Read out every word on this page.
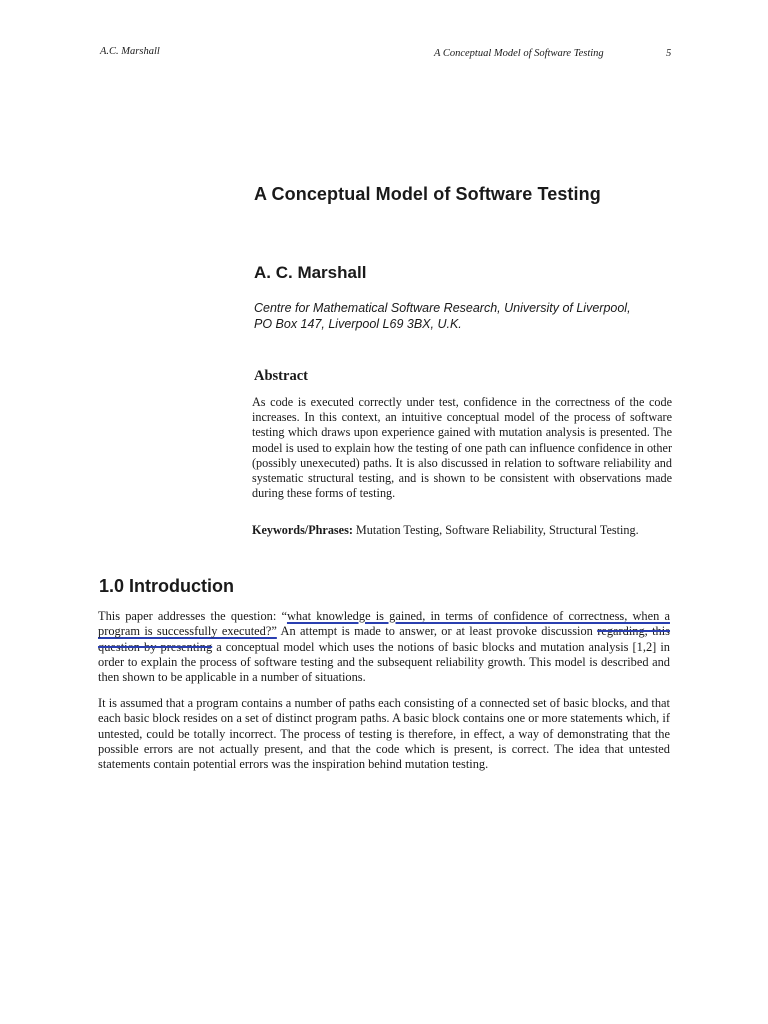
A.C. Marshall	A Conceptual Model of Software Testing	5
A Conceptual Model of Software Testing
A. C. Marshall

Centre for Mathematical Software Research, University of Liverpool,
PO Box 147, Liverpool L69 3BX, U.K.

Abstract

As code is executed correctly under test, confidence in the correctness of the code increases. In this context, an intuitive conceptual model of the process of software testing which draws upon experience gained with mutation analysis is presented. The model is used to explain how the testing of one path can influence confidence in other (possibly unexecuted) paths. It is also discussed in relation to software reliability and systematic structural testing, and is shown to be consistent with observations made during these forms of testing.

Keywords/Phrases: Mutation Testing, Software Reliability, Structural Testing.

1.0 Introduction

This paper addresses the question: “what knowledge is gained, in terms of confidence of correctness, when a program is successfully executed?” An attempt is made to answer, or at least provoke discussion regarding, this question by presenting a conceptual model which uses the notions of basic blocks and mutation analysis [1,2] in order to explain the process of software testing and the subsequent reliability growth. This model is described and then shown to be applicable in a number of situations.

It is assumed that a program contains a number of paths each consisting of a connected set of basic blocks, and that each basic block resides on a set of distinct program paths. A basic block contains one or more statements which, if untested, could be totally incorrect. The process of testing is therefore, in effect, a way of demonstrating that the possible errors are not actually present, and that the code which is present, is correct. The idea that untested statements contain potential errors was the inspiration behind mutation testing.
